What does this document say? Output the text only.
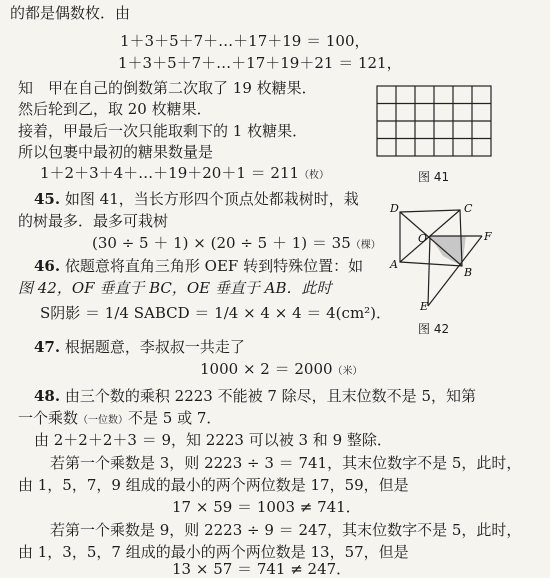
的都是偶数枚．由
1＋3＋5＋7＋…＋17＋19 ＝ 100，
1＋3＋5＋7＋…＋17＋19＋21 ＝ 121，
知　甲在自己的倒数第二次取了 19 枚糖果．
然后轮到乙，取 20 枚糖果．
接着，甲最后一次只能取剩下的 1 枚糖果．
所以包裹中最初的糖果数量是
1＋2＋3＋4＋…＋19＋20＋1 ＝ 211（枚）
45. 如图 41，当长方形四个顶点处都栽树时，栽
的树最多．最多可栽树
(30 ÷ 5 ＋ 1) × (20 ÷ 5 ＋ 1) ＝ 35（棵）
46. 依题意将直角三角形 OEF 转到特殊位置：如
图 42，OF 垂直于 BC，OE 垂直于 AB．此时
S阴影 ＝ 1/4 SABCD ＝ 1/4 × 4 × 4 ＝ 4(cm²)．
47. 根据题意，李叔叔一共走了
1000 × 2 ＝ 2000（米）
48. 由三个数的乘积 2223 不能被 7 除尽，且末位数不是 5，知第
一个乘数（一位数）不是 5 或 7．
由 2＋2＋2＋3 ＝ 9，知 2223 可以被 3 和 9 整除．
若第一个乘数是 3，则 2223 ÷ 3 ＝ 741，其末位数字不是 5，此时，
由 1，5，7，9 组成的最小的两个两位数是 17，59，但是
17 × 59 ＝ 1003 ≠ 741．
若第一个乘数是 9，则 2223 ÷ 9 ＝ 247，其末位数字不是 5，此时，
由 1，3，5，7 组成的最小的两个两位数是 13，57，但是
13 × 57 ＝ 741 ≠ 247．
图 41
D	C
O	F
A
B
E
图 42
